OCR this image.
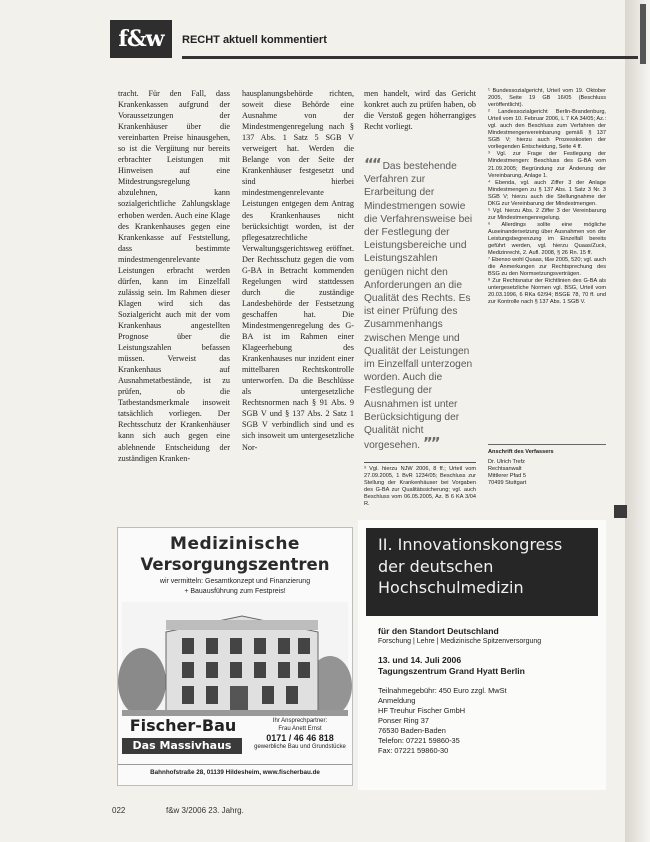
f&w	RECHT aktuell kommentiert

tracht. Für den Fall, dass Krankenkassen aufgrund der Voraussetzungen der Krankenhäuser über die vereinbarten Preise hinausgehen, so ist die Vergütung nur bereits erbrachter Leistungen mit Hinweisen auf eine Mitdestrungsregelung abzulehnen, kann sozialgerichtliche Zahlungsklage erhoben werden. Auch eine Klage des Krankenhauses gegen eine Krankenkasse auf Feststellung, dass bestimmte mindestmengenrelevante Leistungen erbracht werden dürfen, kann im Einzelfall zulässig sein. Im Rahmen dieser Klagen wird sich das Sozialgericht auch mit der vom Krankenhaus angestellten Prognose über die Leistungszahlen befassen müssen. Verweist das Krankenhaus auf Ausnahmetatbestände, ist zu prüfen, ob die Tatbestandsmerkmale insoweit tatsächlich vorliegen. Der Rechtsschutz der Krankenhäuser kann sich auch gegen eine ablehnende Entscheidung der zuständigen Kranken-

hausplanungsbehörde richten, soweit diese Behörde eine Ausnahme von der Mindestmengenregelung nach § 137 Abs. 1 Satz 5 SGB V verweigert hat. Werden die Belange von der Seite der Krankenhäuser festgesetzt und sind hierbei mindestmengenrelevante Leistungen entgegen dem Antrag des Krankenhauses nicht berücksichtigt worden, ist der pflegesatzrechtliche Verwaltungsgerichtsweg eröffnet. Der Rechtsschutz gegen die vom G-BA in Betracht kommenden Regelungen wird stattdessen durch die zuständige Landesbehörde der Festsetzung geschaffen hat. Die Mindestmengenregelung des G-BA ist im Rahmen einer Klageerhebung des Krankenhauses nur inzident einer mittelbaren Rechtskontrolle unterworfen. Da die Beschlüsse als untergesetzliche Rechtsnormen nach § 91 Abs. 9 SGB V und § 137 Abs. 2 Satz 1 SGB V verbindlich sind und es sich insoweit um untergesetzliche Nor-

men handelt, wird das Gericht konkret auch zu prüfen haben, ob die Verstoß gegen höherrangiges Recht vorliegt.

““ Das bestehende Verfahren zur Erarbeitung der Mindestmengen sowie die Verfahrensweise bei der Festlegung der Leistungsbereiche und Leistungszahlen genügen nicht den Anforderungen an die Qualität des Rechts. Es ist einer Prüfung des Zusammenhangs zwischen Menge und Qualität der Leistungen im Einzelfall unterzogen worden. Auch die Festlegung der Ausnahmen ist unter Berücksichtigung der Qualität nicht vorgesehen. ””
³ Vgl. hierzu NJW 2006, 8 ff.; Urteil vom 27.09.2005, 1 BvR 1234/05; Beschluss zur Stellung der Krankenhäuser bei Vorgaben des G-BA zur Qualitätssicherung; vgl. auch Beschluss vom 06.05.2005, Az. B 6 KA 3/04 R.

¹ Bundessozialgericht, Urteil vom 19. Oktober 2005, Seite 19 GB 16/05 (Beschluss veröffentlicht).

² Landessozialgericht Berlin-Brandenburg, Urteil vom 10. Februar 2006, L 7 KA 34/05; Az.: vgl. auch den Beschluss zum Verfahren der Mindestmengenvereinbarung gemäß § 137 SGB V; hierzu auch Prozesskosten der vorliegenden Entscheidung, Seite 4 ff.

³ Vgl. zur Frage der Festlegung der Mindestmengen: Beschluss des G-BA vom 21.09.2005; Begründung zur Änderung der Vereinbarung, Anlage 1.

⁴ Ebenda, vgl. auch Ziffer 3 der Anlage Mindestmengen zu § 137 Abs. 1 Satz 3 Nr. 3 SGB V; hierzu auch die Stellungnahme der DKG zur Vereinbarung der Mindestmengen.

⁵ Vgl. hierzu Abs. 2 Ziffer 3 der Vereinbarung zur Mindestmengenregelung.

⁶ Allerdings sollte eine mögliche Auseinandersetzung über Ausnahmen von der Leistungsbegrenzung im Einzelfall bereits geführt werden, vgl. hierzu Quaas/Zuck, Medizinrecht, 2. Aufl. 2008, § 26 Rn. 15 ff.

⁷ Ebenso wohl Quaas, f&w 2005, 520; vgl. auch die Anmerkungen zur Rechtsprechung des BSG zu den Normsetzungsverträgen.

⁸ Zur Rechtsnatur der Richtlinien des G-BA als untergesetzliche Normen vgl. BSG, Urteil vom 20.03.1996, 6 RKa 62/94; BSGE 78, 70 ff. und zur Kontrolle nach § 137 Abs. 1 SGB V.

Anschrift des Verfassers
Dr. Ulrich Trefz
Rechtsanwalt
Mittlerer Pfad 5
70499 Stuttgart
Medizinische
Versorgungszentren
wir vermitteln: Gesamtkonzept und Finanzierung
+ Bauausführung zum Festpreis!
Fischer-Bau
Das Massivhaus
Ihr Ansprechpartner:
Frau Anett Ernst
0171 / 46 46 818
gewerbliche Bau und Grundstücke
Bahnhofstraße 28, 01139 Hildesheim, www.fischerbau.de
II. Innovationskongress
der deutschen
Hochschulmedizin
für den Standort Deutschland
Forschung | Lehre | Medizinische Spitzenversorgung
13. und 14. Juli 2006
Tagungszentrum Grand Hyatt Berlin
Teilnahmegebühr: 450 Euro zzgl. MwSt
Anmeldung
HF Treuhur Fischer GmbH
Ponser Ring 37
76530 Baden-Baden
Telefon: 07221 59860-35
Fax: 07221 59860-30
022	f&w 3/2006 23. Jahrg.
